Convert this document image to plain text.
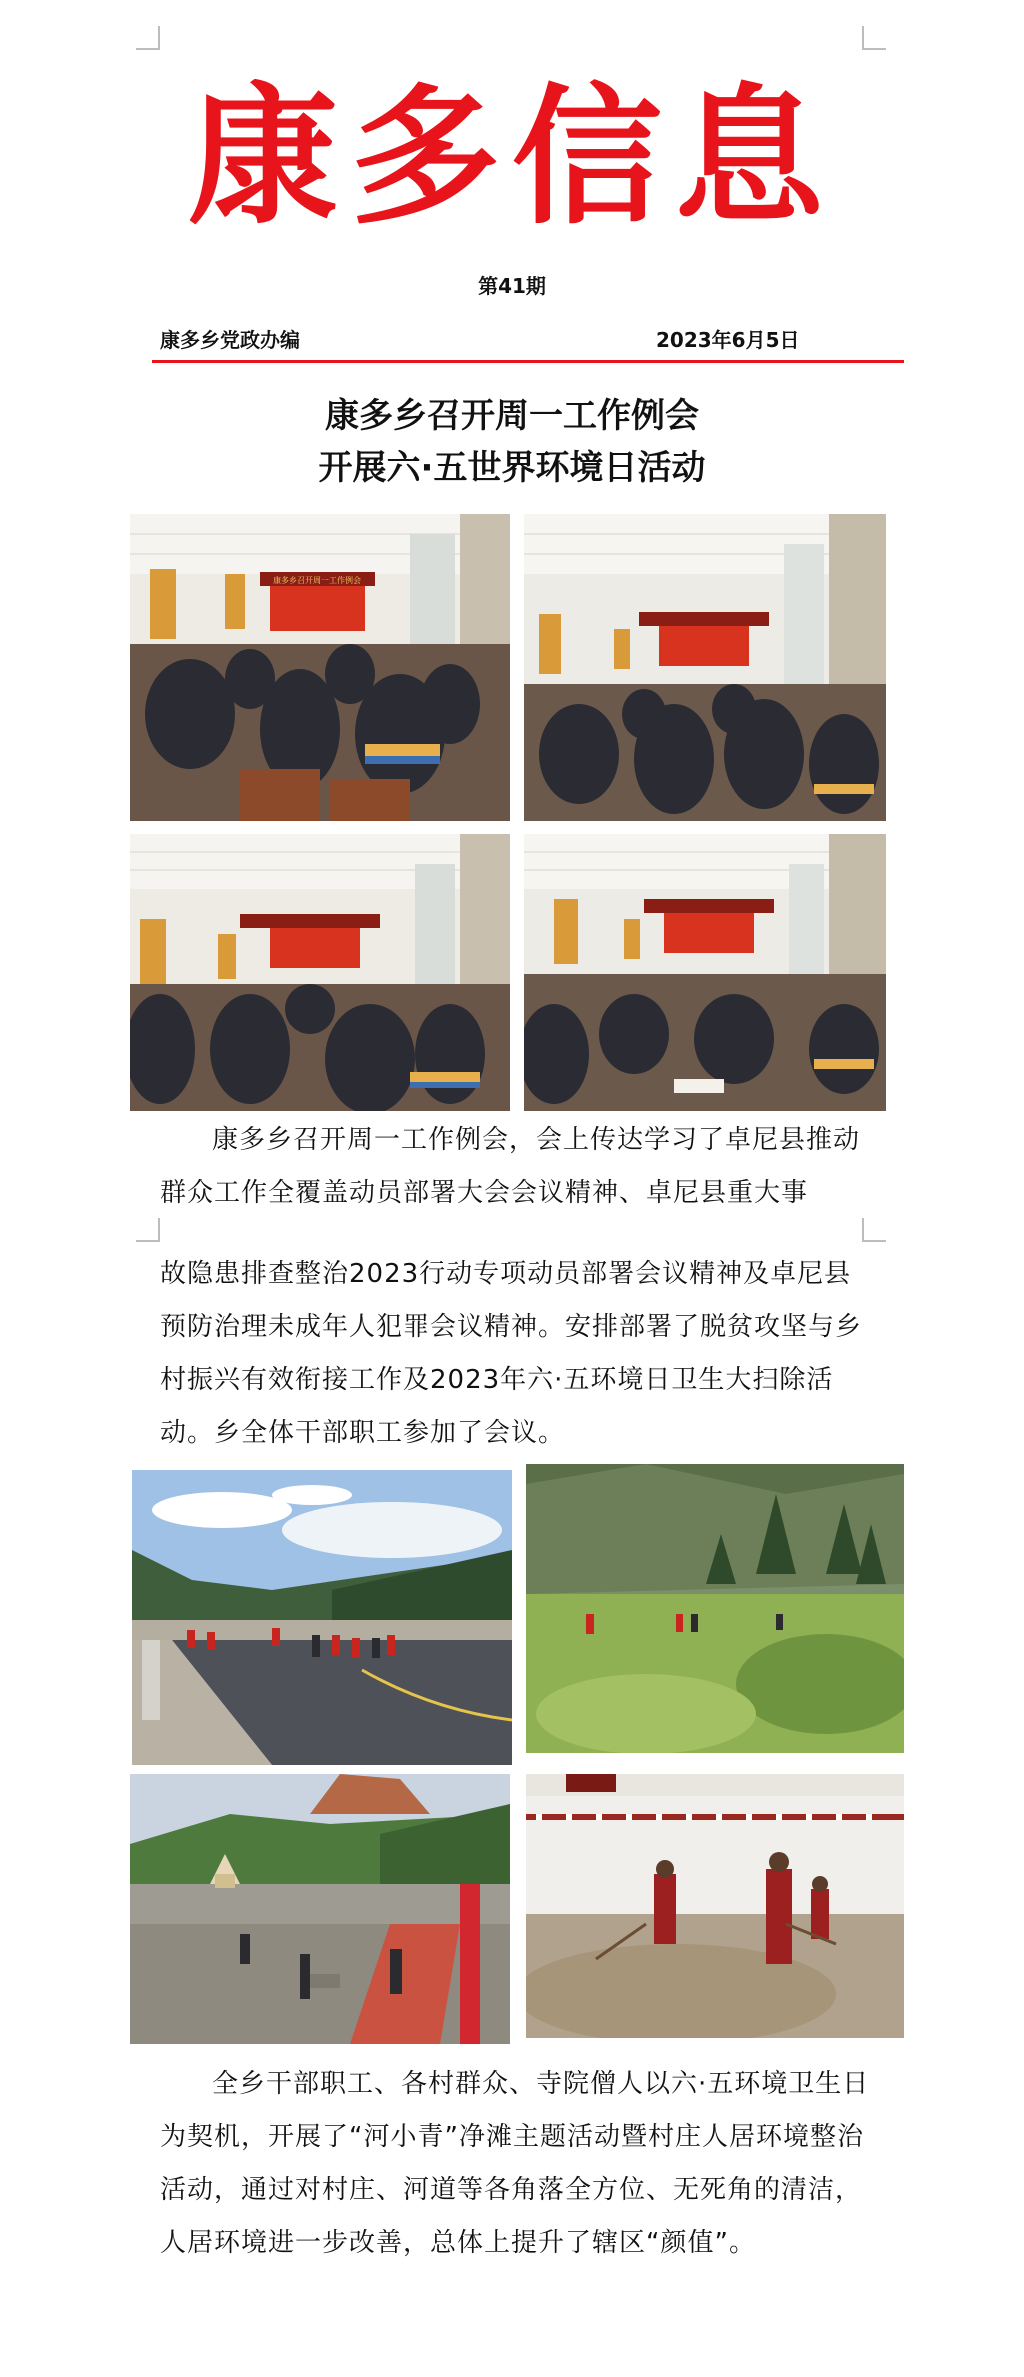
康多信息
第41期
康多乡党政办编	2023年6月5日
康多乡召开周一工作例会
开展六·五世界环境日活动
康多乡召开周一工作例会
康多乡召开周一工作例会，会上传达学习了卓尼县推动群众工作全覆盖动员部署大会会议精神、卓尼县重大事
故隐患排查整治2023行动专项动员部署会议精神及卓尼县预防治理未成年人犯罪会议精神。安排部署了脱贫攻坚与乡村振兴有效衔接工作及2023年六·五环境日卫生大扫除活动。乡全体干部职工参加了会议。
全乡干部职工、各村群众、寺院僧人以六·五环境卫生日为契机，开展了“河小青”净滩主题活动暨村庄人居环境整治活动，通过对村庄、河道等各角落全方位、无死角的清洁，人居环境进一步改善，总体上提升了辖区“颜值”。
